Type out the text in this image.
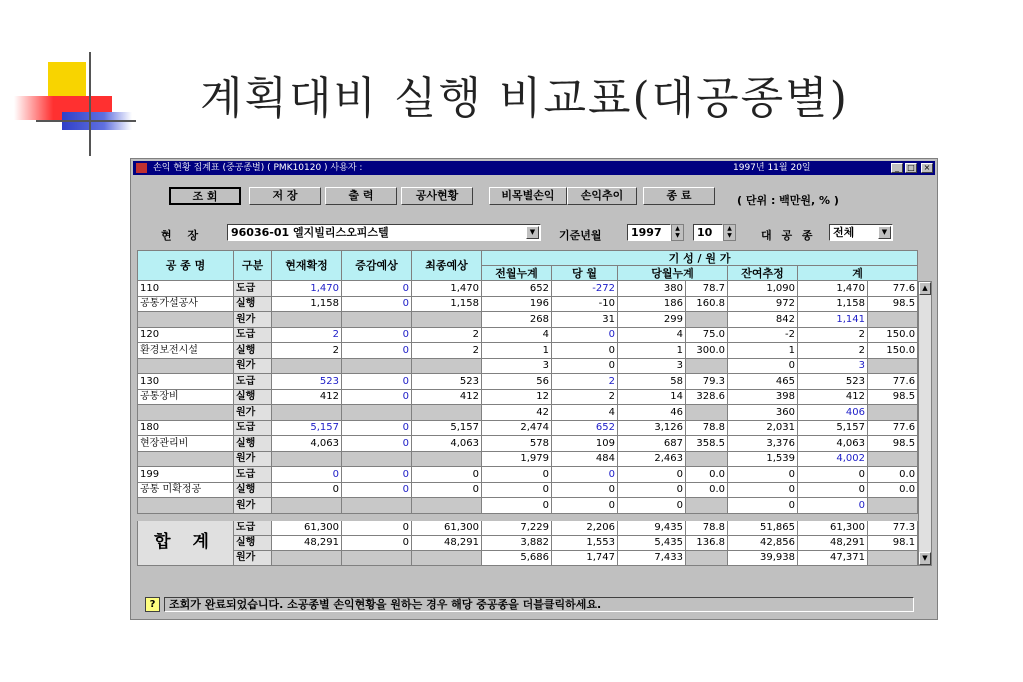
계획대비 실행 비교표(대공종별)
손익 현황 집계표 (중공종별) ( PMK10120 ) 사용자 :	1997년 11월 20일	_	□	×
조 회	저 장	출 력	공사현황	비목별손익	손익추이	종 료	( 단위 : 백만원, % )
현 장	96036-01 엘지빌리스오피스텔	▼	기준년월	1997	▲
▼	10	▲
▼	대 공 종	전체	▼
공 종 명	구분	현재확정	증감예상	최종예상	기 성 / 원 가						
					전월누계	당 월	당월누계		잔여추정	계	
110	도급	1,470	0	1,470	652	-272	380	78.7	1,090	1,470	77.6
공통가설공사	실행	1,158	0	1,158	196	-10	186	160.8	972	1,158	98.5
	원가				268	31	299		842	1,141	
120	도급	2	0	2	4	0	4	75.0	-2	2	150.0
환경보전시설	실행	2	0	2	1	0	1	300.0	1	2	150.0
	원가				3	0	3		0	3	
130	도급	523	0	523	56	2	58	79.3	465	523	77.6
공통장비	실행	412	0	412	12	2	14	328.6	398	412	98.5
	원가				42	4	46		360	406	
180	도급	5,157	0	5,157	2,474	652	3,126	78.8	2,031	5,157	77.6
현장관리비	실행	4,063	0	4,063	578	109	687	358.5	3,376	4,063	98.5
	원가				1,979	484	2,463		1,539	4,002	
199	도급	0	0	0	0	0	0	0.0	0	0	0.0
공통 미확정공	실행	0	0	0	0	0	0	0.0	0	0	0.0
	원가				0	0	0		0	0	

합 계	도급	61,300	0	61,300	7,229	2,206	9,435	78.8	51,865	61,300	77.3
	실행	48,291	0	48,291	3,882	1,553	5,435	136.8	42,856	48,291	98.1
	원가				5,686	1,747	7,433		39,938	47,371	
▲
▼
?	조회가 완료되었습니다. 소공종별 손익현황을 원하는 경우 해당 중공종을 더블클릭하세요.
